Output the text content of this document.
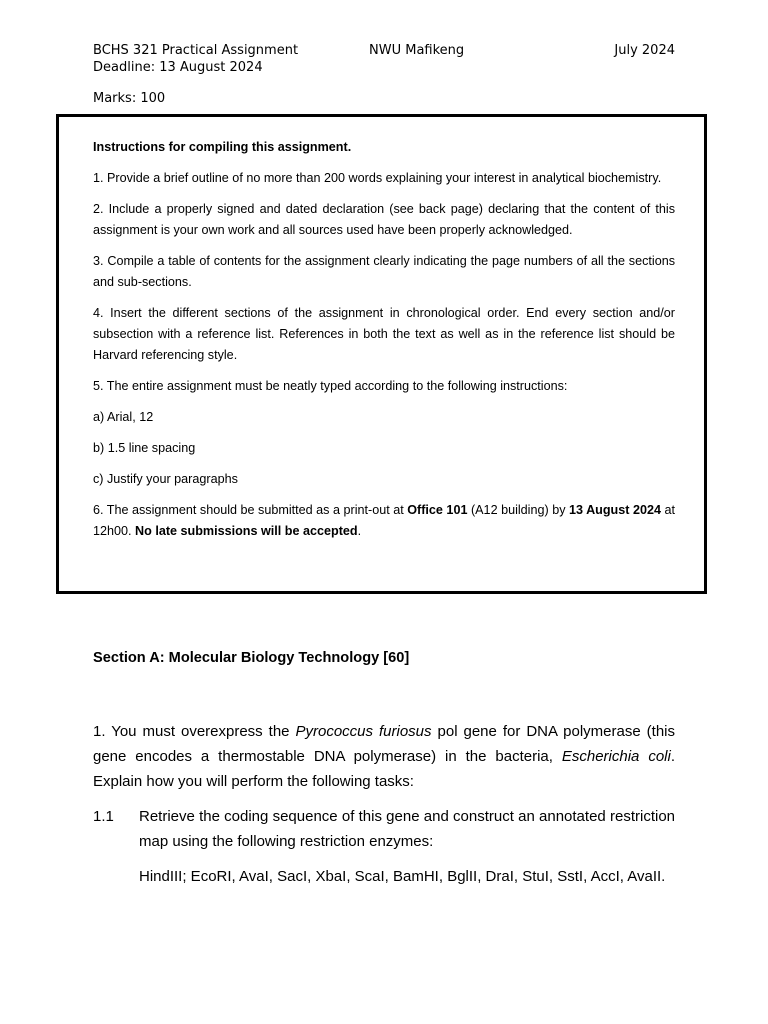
BCHS 321 Practical Assignment
Deadline: 13 August 2024
NWU Mafikeng	July 2024
Marks: 100

Instructions for compiling this assignment.

1. Provide a brief outline of no more than 200 words explaining your interest in analytical biochemistry.

2. Include a properly signed and dated declaration (see back page) declaring that the content of this assignment is your own work and all sources used have been properly acknowledged.

3. Compile a table of contents for the assignment clearly indicating the page numbers of all the sections and sub-sections.

4. Insert the different sections of the assignment in chronological order. End every section and/or subsection with a reference list. References in both the text as well as in the reference list should be Harvard referencing style.

5. The entire assignment must be neatly typed according to the following instructions:

a) Arial, 12

b) 1.5 line spacing

c) Justify your paragraphs

6. The assignment should be submitted as a print-out at Office 101 (A12 building) by 13 August 2024 at 12h00. No late submissions will be accepted.

Section A: Molecular Biology Technology [60]
1. You must overexpress the Pyrococcus furiosus pol gene for DNA polymerase (this gene encodes a thermostable DNA polymerase) in the bacteria, Escherichia coli. Explain how you will perform the following tasks:
1.1 Retrieve the coding sequence of this gene and construct an annotated restriction map using the following restriction enzymes:
HindIII; EcoRI, AvaI, SacI, XbaI, ScaI, BamHI, BglII, DraI, StuI, SstI, AccI, AvaII.
